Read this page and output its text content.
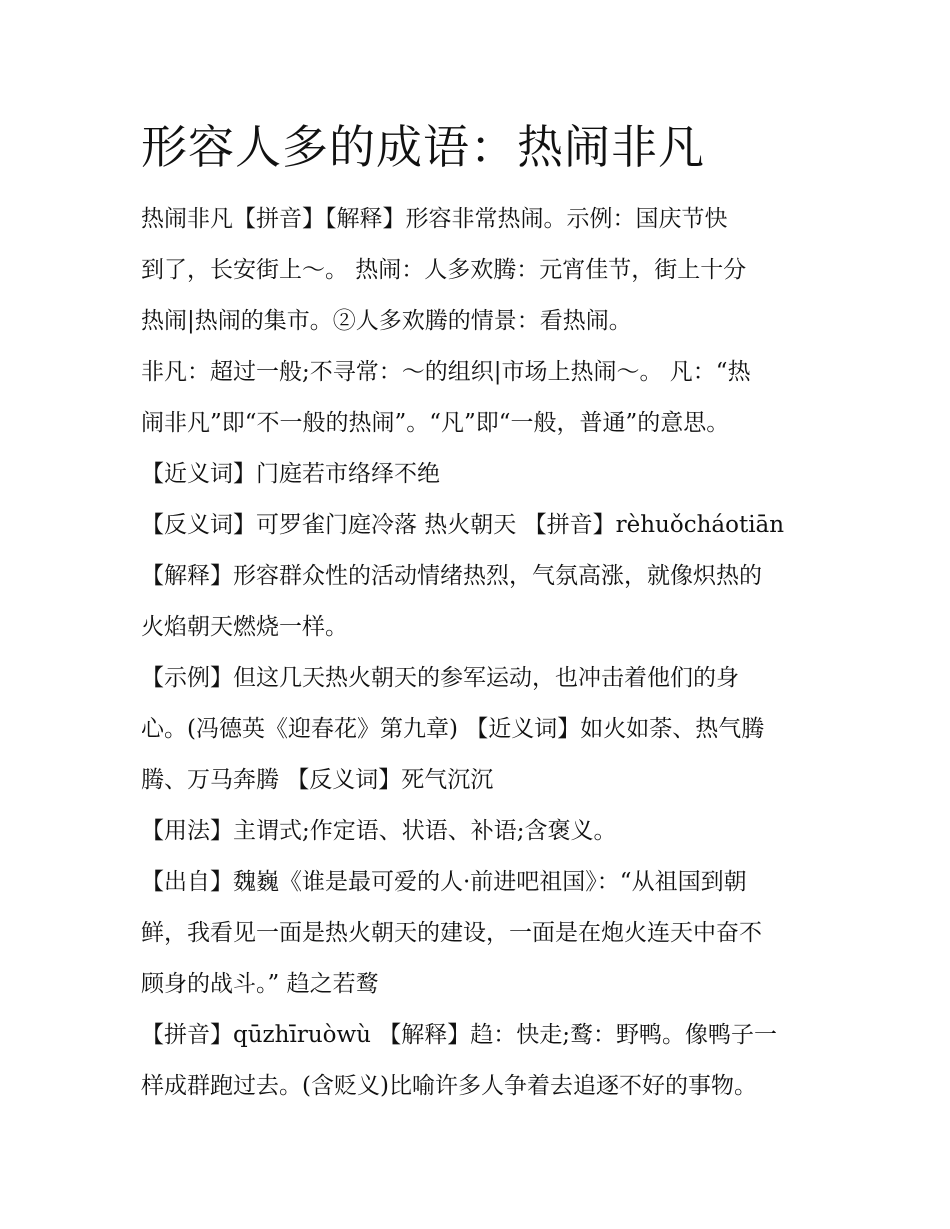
形容人多的成语：热闹非凡
热闹非凡【拼音】【解释】形容非常热闹。示例：国庆节快
到了，长安街上～。 热闹：人多欢腾：元宵佳节，街上十分
热闹|热闹的集市。②人多欢腾的情景：看热闹。
非凡：超过一般;不寻常：～的组织|市场上热闹～。 凡：“热
闹非凡”即“不一般的热闹”。“凡”即“一般，普通”的意思。
【近义词】门庭若市络绎不绝
【反义词】可罗雀门庭冷落 热火朝天 【拼音】rèhuǒcháotiān
【解释】形容群众性的活动情绪热烈，气氛高涨，就像炽热的
火焰朝天燃烧一样。
【示例】但这几天热火朝天的参军运动，也冲击着他们的身
心。(冯德英《迎春花》第九章) 【近义词】如火如荼、热气腾
腾、万马奔腾 【反义词】死气沉沉
【用法】主谓式;作定语、状语、补语;含褒义。
【出自】魏巍《谁是最可爱的人·前进吧祖国》：“从祖国到朝
鲜，我看见一面是热火朝天的建设，一面是在炮火连天中奋不
顾身的战斗。” 趋之若鹜
【拼音】qūzhīruòwù 【解释】趋：快走;鹜：野鸭。像鸭子一
样成群跑过去。(含贬义)比喻许多人争着去追逐不好的事物。
